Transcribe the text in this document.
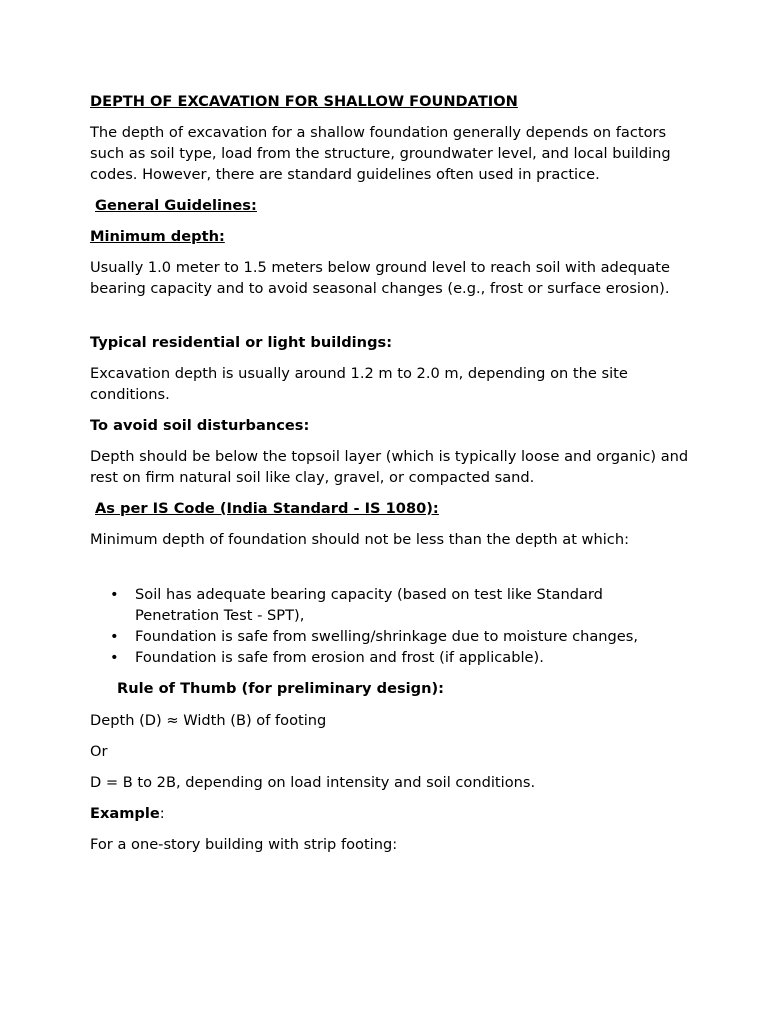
DEPTH OF EXCAVATION FOR SHALLOW FOUNDATION
The depth of excavation for a shallow foundation generally depends on factors such as soil type, load from the structure, groundwater level, and local building codes. However, there are standard guidelines often used in practice.
General Guidelines:
Minimum depth:
Usually 1.0 meter to 1.5 meters below ground level to reach soil with adequate bearing capacity and to avoid seasonal changes (e.g., frost or surface erosion).
Typical residential or light buildings:
Excavation depth is usually around 1.2 m to 2.0 m, depending on the site conditions.
To avoid soil disturbances:
Depth should be below the topsoil layer (which is typically loose and organic) and rest on firm natural soil like clay, gravel, or compacted sand.
As per IS Code (India Standard - IS 1080):
Minimum depth of foundation should not be less than the depth at which:
• Soil has adequate bearing capacity (based on test like Standard Penetration Test - SPT),
• Foundation is safe from swelling/shrinkage due to moisture changes,
• Foundation is safe from erosion and frost (if applicable).
Rule of Thumb (for preliminary design):
Depth (D) ≈ Width (B) of footing
Or
D = B to 2B, depending on load intensity and soil conditions.
Example:
For a one-story building with strip footing:
